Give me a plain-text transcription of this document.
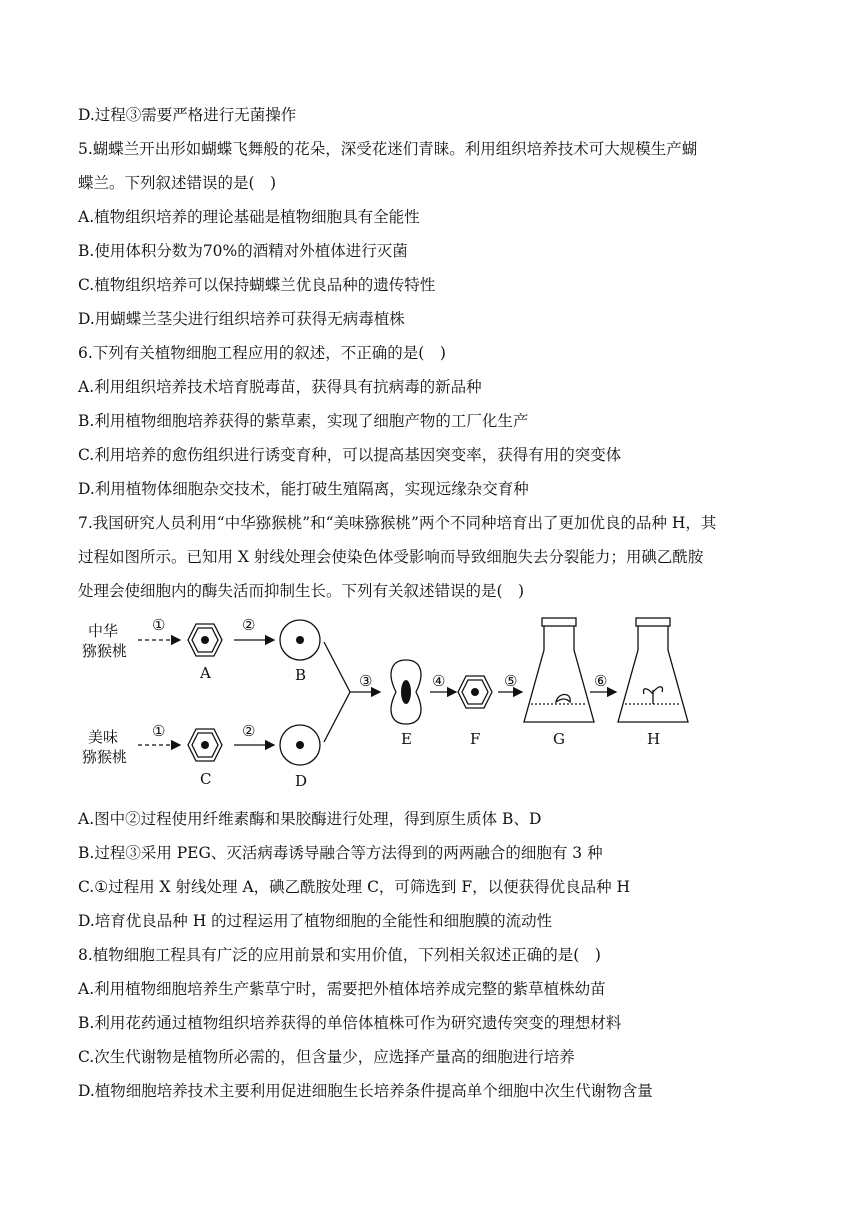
D.过程③需要严格进行无菌操作
5.蝴蝶兰开出形如蝴蝶飞舞般的花朵，深受花迷们青睐。利用组织培养技术可大规模生产蝴
蝶兰。下列叙述错误的是(　)
A.植物组织培养的理论基础是植物细胞具有全能性
B.使用体积分数为70%的酒精对外植体进行灭菌
C.植物组织培养可以保持蝴蝶兰优良品种的遗传特性
D.用蝴蝶兰茎尖进行组织培养可获得无病毒植株
6.下列有关植物细胞工程应用的叙述，不正确的是(　)
A.利用组织培养技术培育脱毒苗，获得具有抗病毒的新品种
B.利用植物细胞培养获得的紫草素，实现了细胞产物的工厂化生产
C.利用培养的愈伤组织进行诱变育种，可以提高基因突变率，获得有用的突变体
D.利用植物体细胞杂交技术，能打破生殖隔离，实现远缘杂交育种
7.我国研究人员利用“中华猕猴桃”和“美味猕猴桃”两个不同种培育出了更加优良的品种 H，其
过程如图所示。已知用 X 射线处理会使染色体受影响而导致细胞失去分裂能力；用碘乙酰胺
处理会使细胞内的酶失活而抑制生长。下列有关叙述错误的是(　)
中华
猕猴桃
美味
猕猴桃
①	②
①	②
③	④	⑤	⑥
A	B
C	D
E	F	G	H
A.图中②过程使用纤维素酶和果胶酶进行处理，得到原生质体 B、D
B.过程③采用 PEG、灭活病毒诱导融合等方法得到的两两融合的细胞有 3 种
C.①过程用 X 射线处理 A，碘乙酰胺处理 C，可筛选到 F，以便获得优良品种 H
D.培育优良品种 H 的过程运用了植物细胞的全能性和细胞膜的流动性
8.植物细胞工程具有广泛的应用前景和实用价值，下列相关叙述正确的是(　)
A.利用植物细胞培养生产紫草宁时，需要把外植体培养成完整的紫草植株幼苗
B.利用花药通过植物组织培养获得的单倍体植株可作为研究遗传突变的理想材料
C.次生代谢物是植物所必需的，但含量少，应选择产量高的细胞进行培养
D.植物细胞培养技术主要利用促进细胞生长培养条件提高单个细胞中次生代谢物含量
